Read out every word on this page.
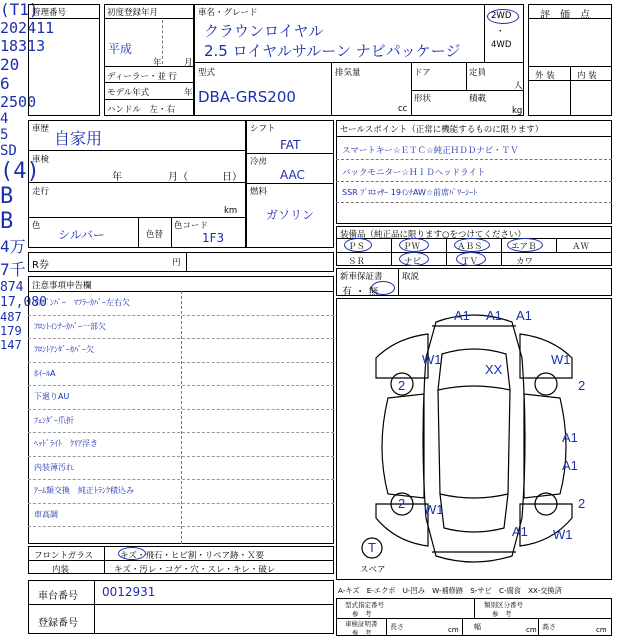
管理番号
(T1)
202411
18313
初度登録年月
平成
20	年
6
月
ディーラー・並 行
モデル年式	年
ハンドル　左・右
車名・グレード
クラウンロイヤル
2.5 ロイヤルサルーン ナビパッケージ
2WD
・
4WD
型式
DBA-GRS200
排気量
2500	cc
ドア
4
定員
5
人
形状
SD
積載
kg
評　価　点
(4)
外 装	内 装
B
B
車歴 自家用
車検
年	月（	日）
走行
4万
7千
874
km
色
シルバー	色替
色コード
1F3
シフト
FAT
冷房
AAC
燃料
ガソリン
R券
17,080
円
セールスポイント（正常に機能するものに限ります）
スマートキー☆ＥＴＣ☆純正ＨＤＤナビ・ＴＶ
バックモニター☆ＨＩＤヘッドライト
SSR ﾌﾟﾛｴｯｻｰ 19ｲﾝﾁAW☆前席ﾊﾟﾜｰｼｰﾄ
装備品（純正品に限ります○をつけてください）
ＰＳ	ＰＷ	ＡＢＳ	エアＢ	ＡＷ
ＳＲ	ナビ	ＴＶ	カワ
新車保証書
有 ・ 無
取説
注意事項申告欄
ﾘｱﾊﾞﾝﾊﾟｰ　ﾏﾌﾗｰｶﾊﾞｰ左右欠
ﾌﾛﾝﾄｲﾝﾅｰｶﾊﾞｰ一部欠
ﾌﾛﾝﾄｱﾝﾀﾞｰｶﾊﾞｰ欠
ﾎｲｰﾙA
下廻りAU
ﾌｪﾝﾀﾞｰ爪折
ﾍｯﾄﾞﾗｲﾄ　ｸﾘｱ浮き
内装薄汚れ
ｱｰﾑ類交換　純正ﾄﾗﾝｸ積込み
車高調
フロントガラス	キズ・飛石・ヒビ割・リペア跡・Ｘ要
内装	キズ・汚レ・コゲ・穴・スレ・キレ・破レ
車台番号 0012931
登録番号
A1 A1 A1
W1	W1
XX
2	2
A1
A1
2
W1
A1 W1
2
T
スペア
A-キズ　E-エクボ　U-凹み　W-補修跡　S-サビ　C-腐食　XX-交換済
型式指定番号
参　考
類別区分番号
参　考
車検証明書
参　考
長さ
487
cm 幅
179
cm 高さ
147
cm
